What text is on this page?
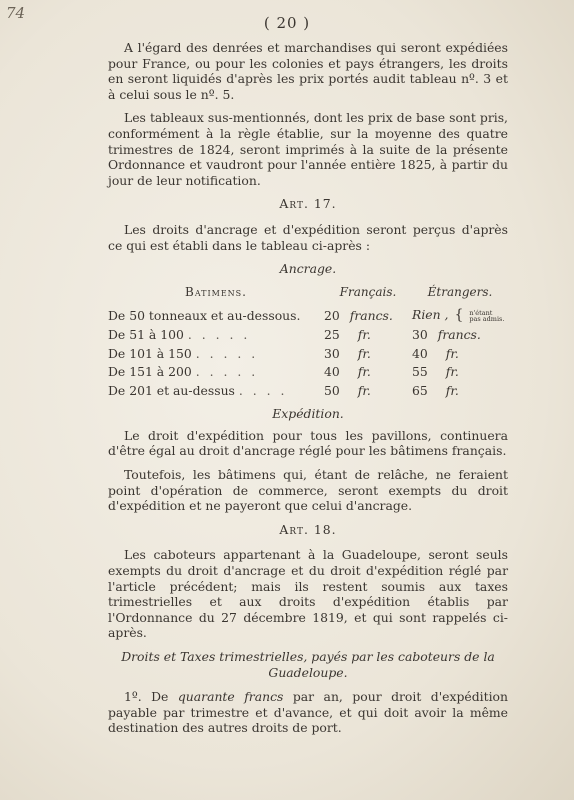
74
( 20 )

A l'égard des denrées et marchandises qui seront expédiées pour France, ou pour les colonies et pays étrangers, les droits en seront liquidés d'après les prix portés audit tableau nº. 3 et à celui sous le nº. 5.

Les tableaux sus-mentionnés, dont les prix de base sont pris, conformément à la règle établie, sur la moyenne des quatre trimestres de 1824, seront imprimés à la suite de la présente Ordonnance et vaudront pour l'année entière 1825, à partir du jour de leur notification.

Art. 17.

Les droits d'ancrage et d'expédition seront perçus d'après ce qui est établi dans le tableau ci-après :

Ancrage.
Batimens.	Français.	Étrangers.
De 50 tonneaux et au-dessous.	20 francs.	Rien , { n'étant
pas admis.
De 51 à 100 . . . . .	25 fr.	30 francs.
De 101 à 150 . . . . .	30 fr.	40 fr.
De 151 à 200 . . . . .	40 fr.	55 fr.
De 201 et au-dessus . . . .	50 fr.	65 fr.
Expédition.

Le droit d'expédition pour tous les pavillons, continuera d'être égal au droit d'ancrage réglé pour les bâtimens français.

Toutefois, les bâtimens qui, étant de relâche, ne feraient point d'opération de commerce, seront exempts du droit d'expédition et ne payeront que celui d'ancrage.

Art. 18.

Les caboteurs appartenant à la Guadeloupe, seront seuls exempts du droit d'ancrage et du droit d'expédition réglé par l'article précédent; mais ils restent soumis aux taxes trimestrielles et aux droits d'expédition établis par l'Ordonnance du 27 décembre 1819, et qui sont rappelés ci-après.

Droits et Taxes trimestrielles, payés par les caboteurs de la Guadeloupe.

1º. De quarante francs par an, pour droit d'expédition payable par trimestre et d'avance, et qui doit avoir la même destination des autres droits de port.
